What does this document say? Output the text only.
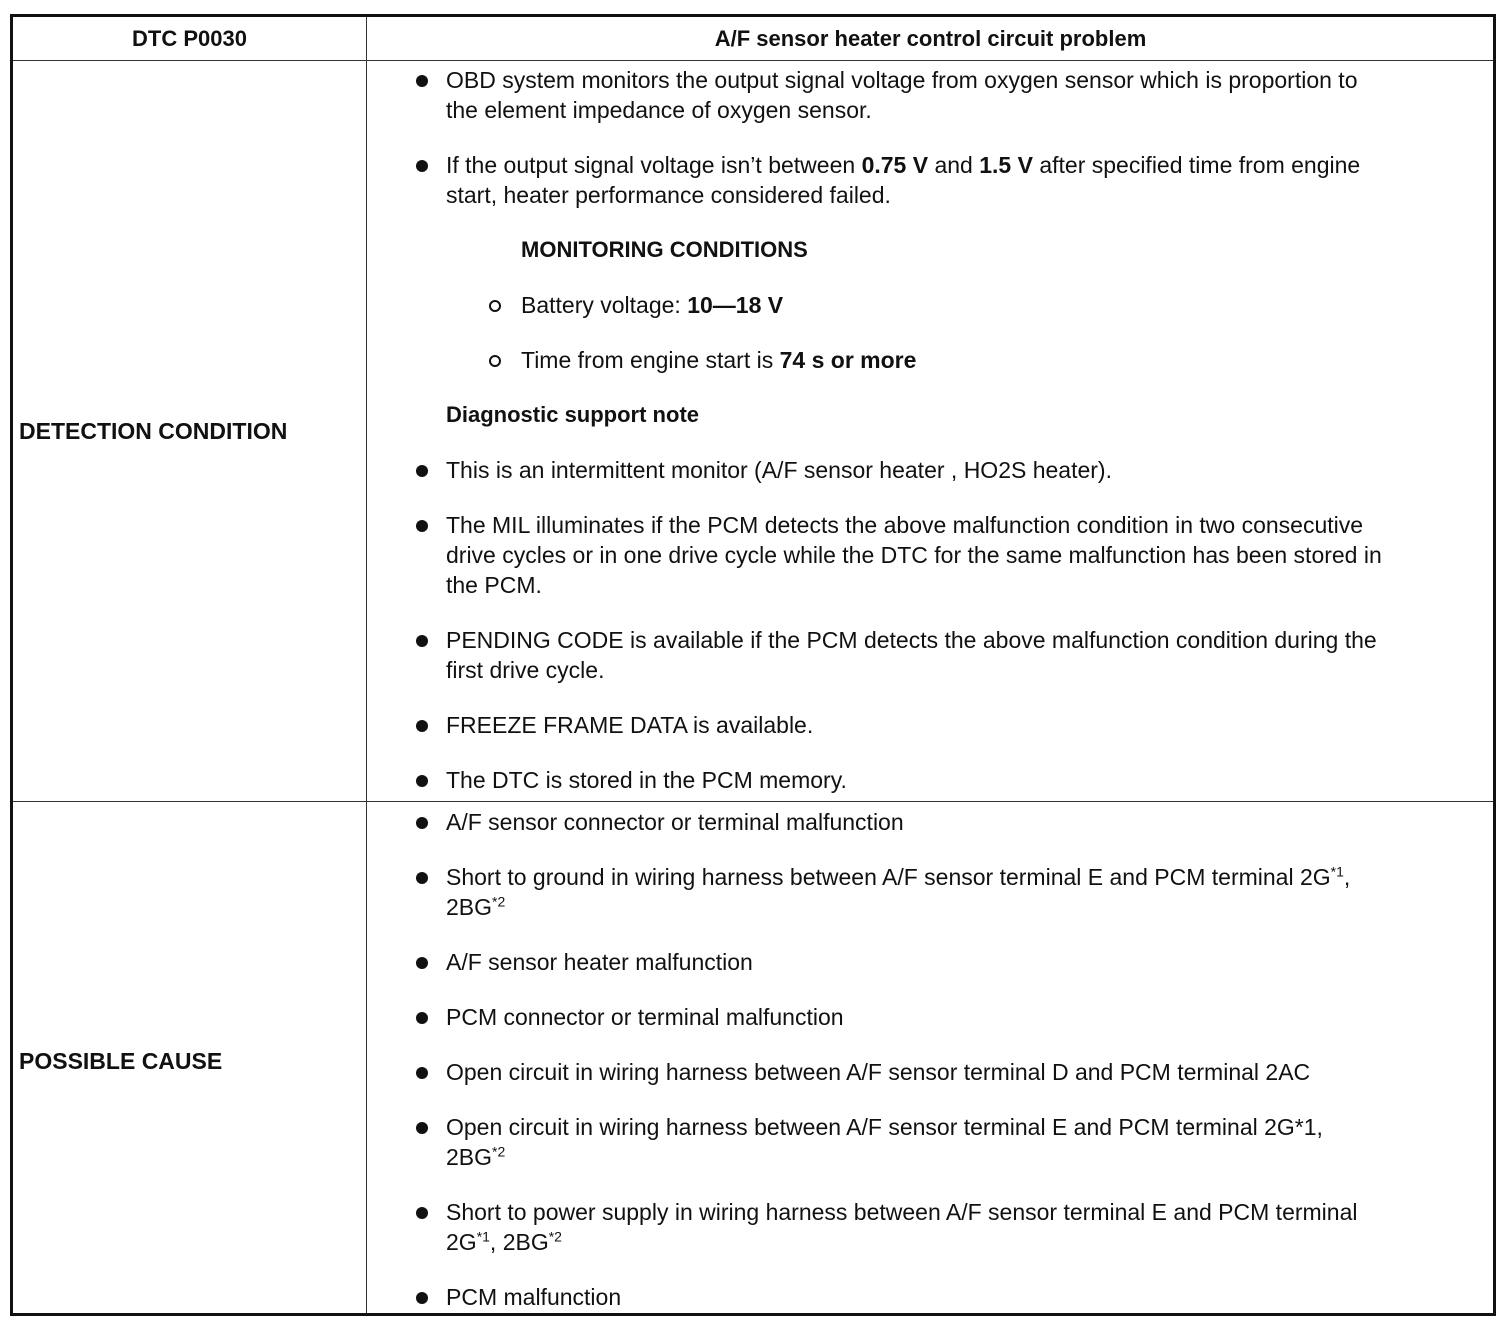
DTC P0030	A/F sensor heater control circuit problem
DETECTION CONDITION
POSSIBLE CAUSE
OBD system monitors the output signal voltage from oxygen sensor which is proportion to
the element impedance of oxygen sensor.
If the output signal voltage isn’t between 0.75 V and 1.5 V after specified time from engine
start, heater performance considered failed.
MONITORING CONDITIONS
Battery voltage: 10—18 V
Time from engine start is 74 s or more
Diagnostic support note
This is an intermittent monitor (A/F sensor heater , HO2S heater).
The MIL illuminates if the PCM detects the above malfunction condition in two consecutive
drive cycles or in one drive cycle while the DTC for the same malfunction has been stored in
the PCM.
PENDING CODE is available if the PCM detects the above malfunction condition during the
first drive cycle.
FREEZE FRAME DATA is available.
The DTC is stored in the PCM memory.
A/F sensor connector or terminal malfunction
Short to ground in wiring harness between A/F sensor terminal E and PCM terminal $2G^{*1}$,
2BG$^{*2}$
A/F sensor heater malfunction
PCM connector or terminal malfunction
Open circuit in wiring harness between A/F sensor terminal D and PCM terminal 2AC
Open circuit in wiring harness between A/F sensor terminal E and PCM terminal 2G*1,
2BG$^{*2}$
Short to power supply in wiring harness between A/F sensor terminal E and PCM terminal
$2G^{*1}$, 2BG$^{*2}$
PCM malfunction
